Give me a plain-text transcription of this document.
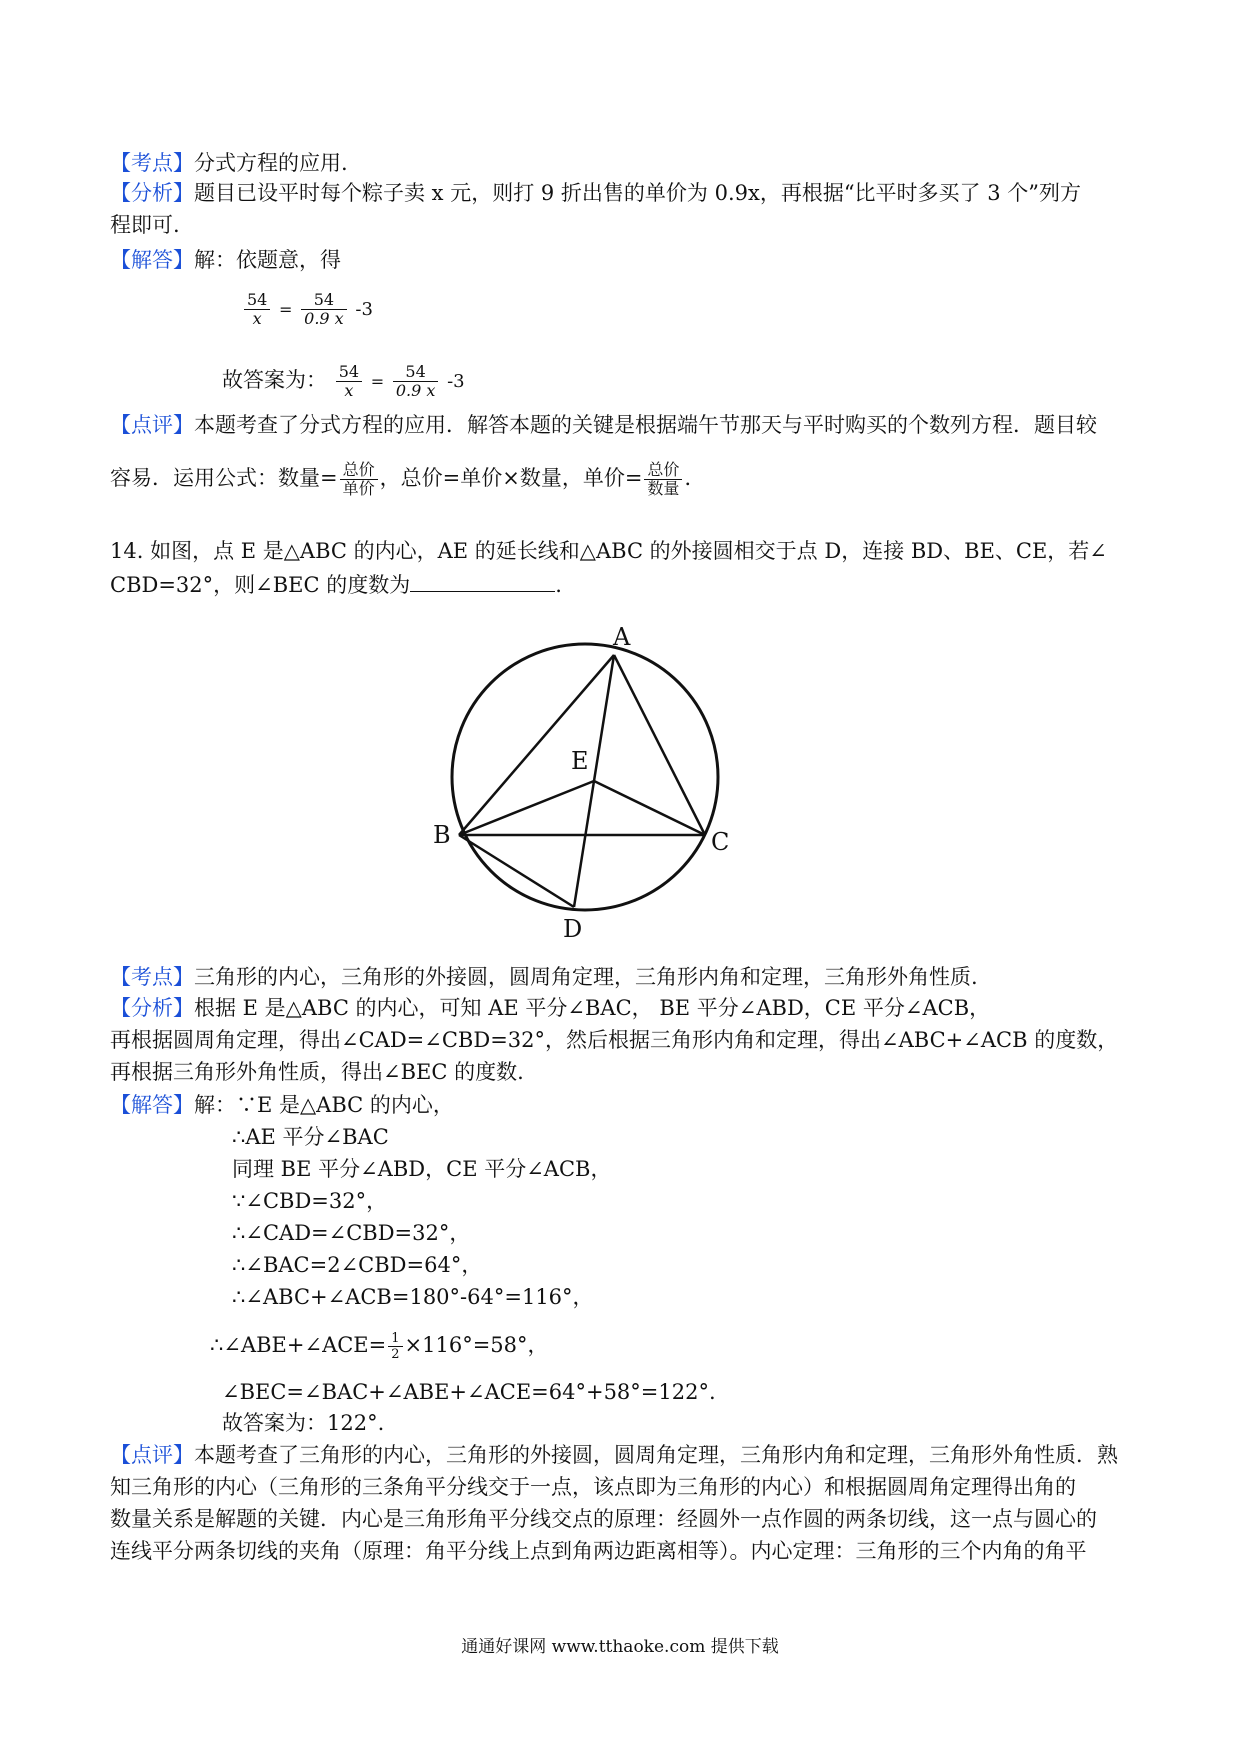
【考点】分式方程的应用.
【分析】题目已设平时每个粽子卖 x 元，则打 9 折出售的单价为 0.9x，再根据“比平时多买了 3 个”列方
程即可.
【解答】解：依题意，得
$\frac{54}{x} = \frac{54}{0.9 x} -3$
故答案为： $\frac{54}{x} = \frac{54}{0.9 x} -3$
【点评】本题考查了分式方程的应用．解答本题的关键是根据端午节那天与平时购买的个数列方程．题目较
容易．运用公式：数量= $\frac{\text{总价}}{\text{单价}}$ ，总价=单价×数量，单价= $\frac{\text{总价}}{\text{数量}}$ ．
14. 如图，点 E 是△ABC 的内心，AE 的延长线和△ABC 的外接圆相交于点 D，连接 BD、BE、CE，若∠
CBD=32°，则∠BEC 的度数为	.
A
B	C
D
E
【考点】三角形的内心，三角形的外接圆，圆周角定理，三角形内角和定理，三角形外角性质.
【分析】根据 E 是△ABC 的内心，可知 AE 平分∠BAC， BE 平分∠ABD，CE 平分∠ACB，
再根据圆周角定理，得出∠CAD=∠CBD=32°，然后根据三角形内角和定理，得出∠ABC+∠ACB 的度数，
再根据三角形外角性质，得出∠BEC 的度数.
【解答】解：∵E 是△ABC 的内心，
∴AE 平分∠BAC
同理 BE 平分∠ABD，CE 平分∠ACB，
∵∠CBD=32°，
∴∠CAD=∠CBD=32°，
∴∠BAC=2∠CBD=64°，
∴∠ABC+∠ACB=180°-64°=116°，
∴∠ABE+∠ACE= $\frac{1}{2} \times 116^\circ=58^\circ$，
∠BEC=∠BAC+∠ABE+∠ACE=64°+58°=122°.
故答案为：122°.
【点评】本题考查了三角形的内心，三角形的外接圆，圆周角定理，三角形内角和定理，三角形外角性质．熟
知三角形的内心（三角形的三条角平分线交于一点，该点即为三角形的内心）和根据圆周角定理得出角的
数量关系是解题的关键．内心是三角形角平分线交点的原理：经圆外一点作圆的两条切线，这一点与圆心的
连线平分两条切线的夹角（原理：角平分线上点到角两边距离相等）。内心定理：三角形的三个内角的角平
通通好课网 www.tthaoke.com 提供下载
